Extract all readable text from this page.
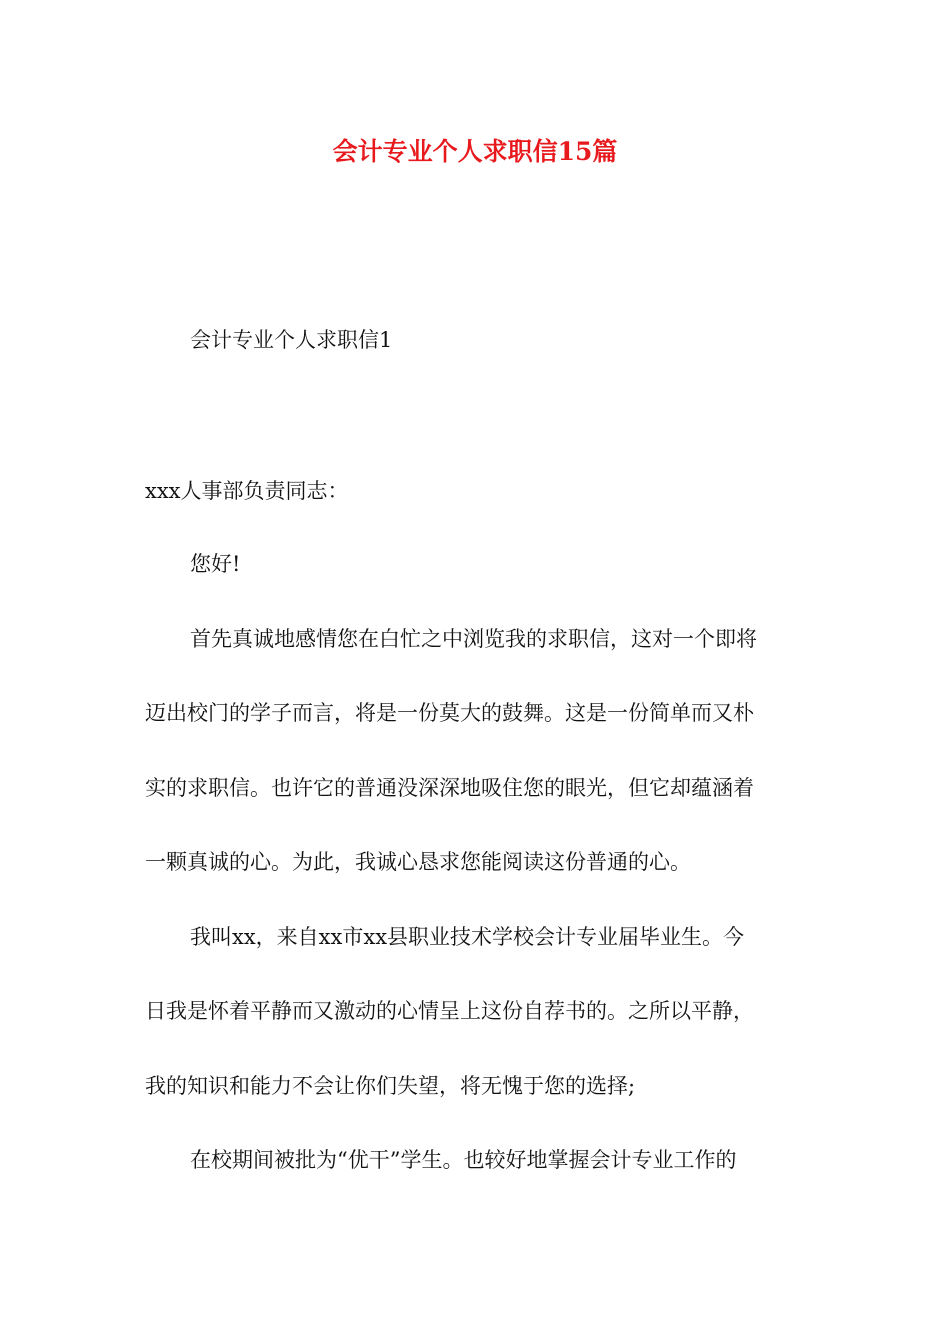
会计专业个人求职信15篇
会计专业个人求职信1
xxx人事部负责同志：
您好!
首先真诚地感情您在白忙之中浏览我的求职信，这对一个即将
迈出校门的学子而言，将是一份莫大的鼓舞。这是一份简单而又朴
实的求职信。也许它的普通没深深地吸住您的眼光，但它却蕴涵着
一颗真诚的心。为此，我诚心恳求您能阅读这份普通的心。
我叫xx，来自xx市xx县职业技术学校会计专业届毕业生。今
日我是怀着平静而又激动的心情呈上这份自荐书的。之所以平静，
我的知识和能力不会让你们失望，将无愧于您的选择;
在校期间被批为“优干”学生。也较好地掌握会计专业工作的
